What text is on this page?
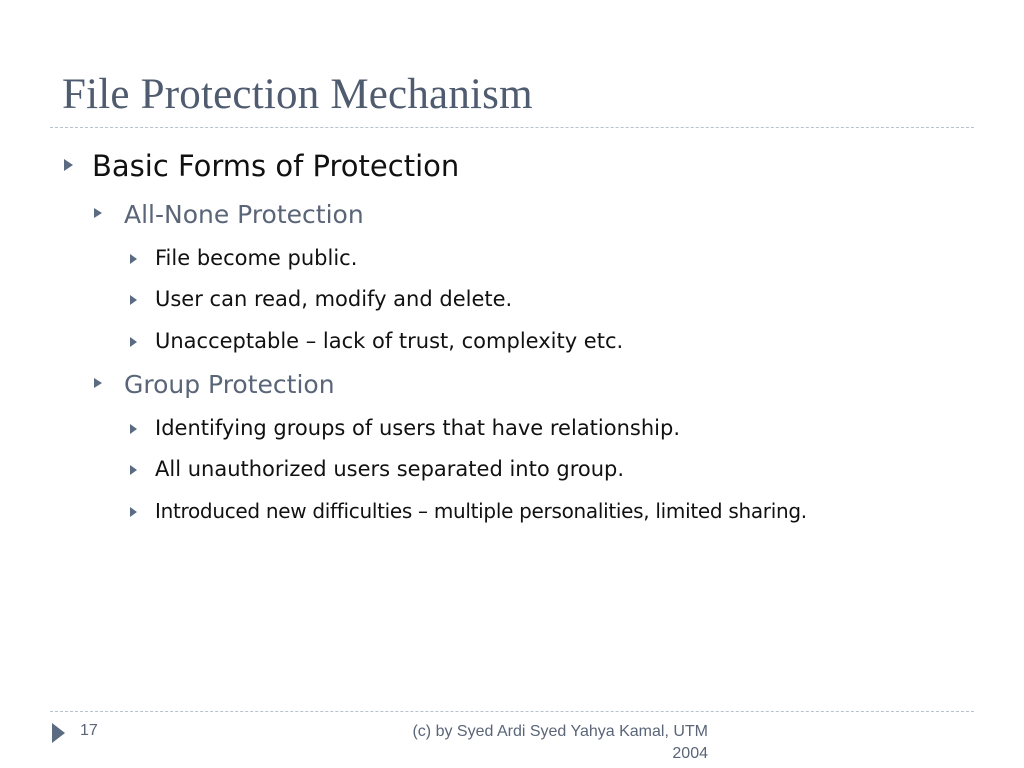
File Protection Mechanism
Basic Forms of Protection
All-None Protection
File become public.
User can read, modify and delete.
Unacceptable – lack of trust, complexity etc.
Group Protection
Identifying groups of users that have relationship.
All unauthorized users separated into group.
Introduced new difficulties – multiple personalities, limited sharing.
17	(c) by Syed Ardi Syed Yahya Kamal, UTM
2004
